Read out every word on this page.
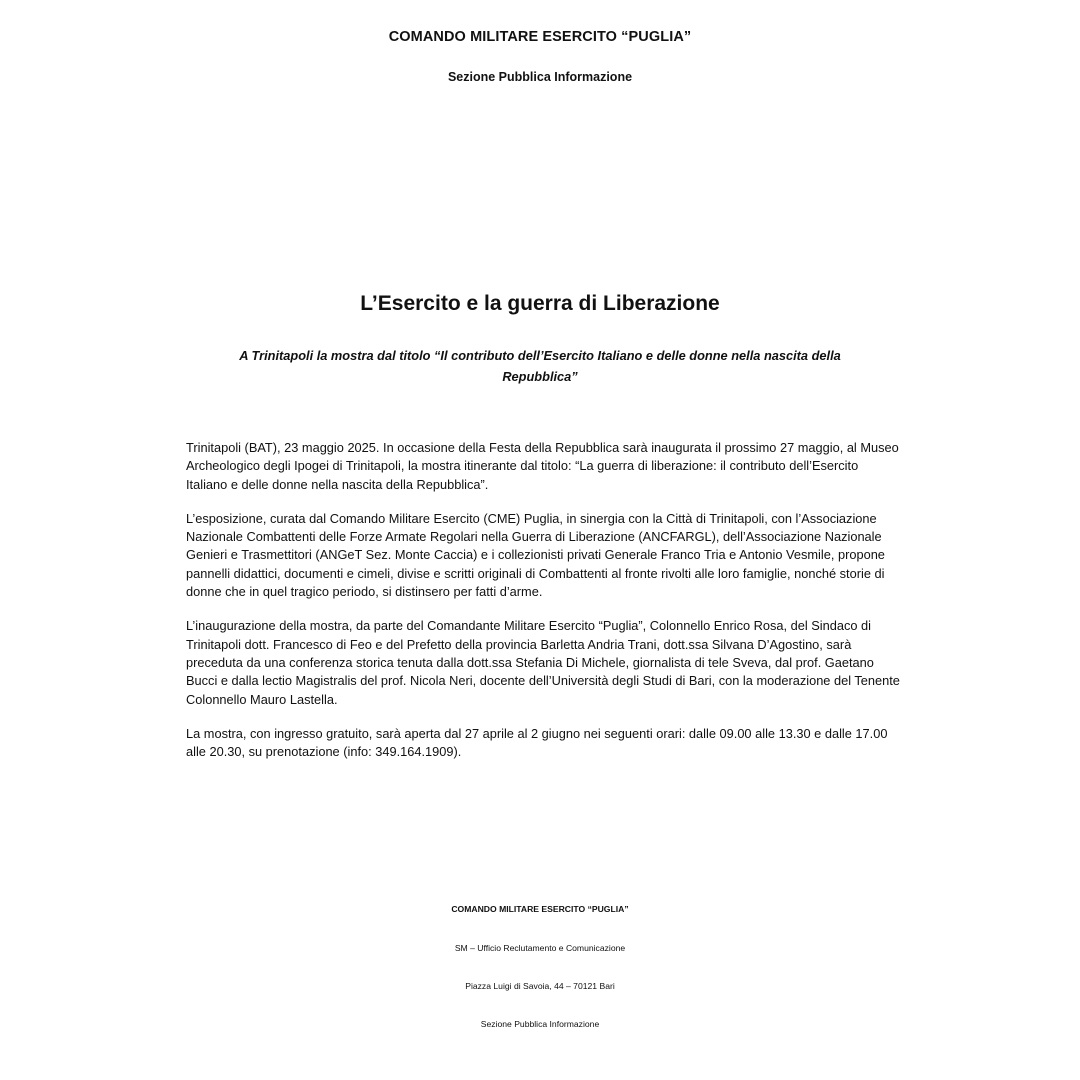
COMANDO MILITARE ESERCITO “PUGLIA”
Sezione Pubblica Informazione
L’Esercito e la guerra di Liberazione
A Trinitapoli la mostra dal titolo “Il contributo dell’Esercito Italiano e delle donne nella nascita della Repubblica”

Trinitapoli (BAT), 23 maggio 2025. In occasione della Festa della Repubblica sarà inaugurata il prossimo 27 maggio, al Museo Archeologico degli Ipogei di Trinitapoli, la mostra itinerante dal titolo: “La guerra di liberazione: il contributo dell’Esercito Italiano e delle donne nella nascita della Repubblica”.

L’esposizione, curata dal Comando Militare Esercito (CME) Puglia, in sinergia con la Città di Trinitapoli, con l’Associazione Nazionale Combattenti delle Forze Armate Regolari nella Guerra di Liberazione (ANCFARGL), dell’Associazione Nazionale Genieri e Trasmettitori (ANGeT Sez. Monte Caccia) e i collezionisti privati Generale Franco Tria e Antonio Vesmile, propone pannelli didattici, documenti e cimeli, divise e scritti originali di Combattenti al fronte rivolti alle loro famiglie, nonché storie di donne che in quel tragico periodo, si distinsero per fatti d’arme.

L’inaugurazione della mostra, da parte del Comandante Militare Esercito “Puglia”, Colonnello Enrico Rosa, del Sindaco di Trinitapoli dott. Francesco di Feo e del Prefetto della provincia Barletta Andria Trani, dott.ssa Silvana D’Agostino, sarà preceduta da una conferenza storica tenuta dalla dott.ssa Stefania Di Michele, giornalista di tele Sveva, dal prof. Gaetano Bucci e dalla lectio Magistralis del prof. Nicola Neri, docente dell’Università degli Studi di Bari, con la moderazione del Tenente Colonnello Mauro Lastella.

La mostra, con ingresso gratuito, sarà aperta dal 27 aprile al 2 giugno nei seguenti orari: dalle 09.00 alle 13.30 e dalle 17.00 alle 20.30, su prenotazione (info: 349.164.1909).

COMANDO MILITARE ESERCITO “PUGLIA”
SM – Ufficio Reclutamento e Comunicazione
Piazza Luigi di Savoia, 44 – 70121 Bari
Sezione Pubblica Informazione
